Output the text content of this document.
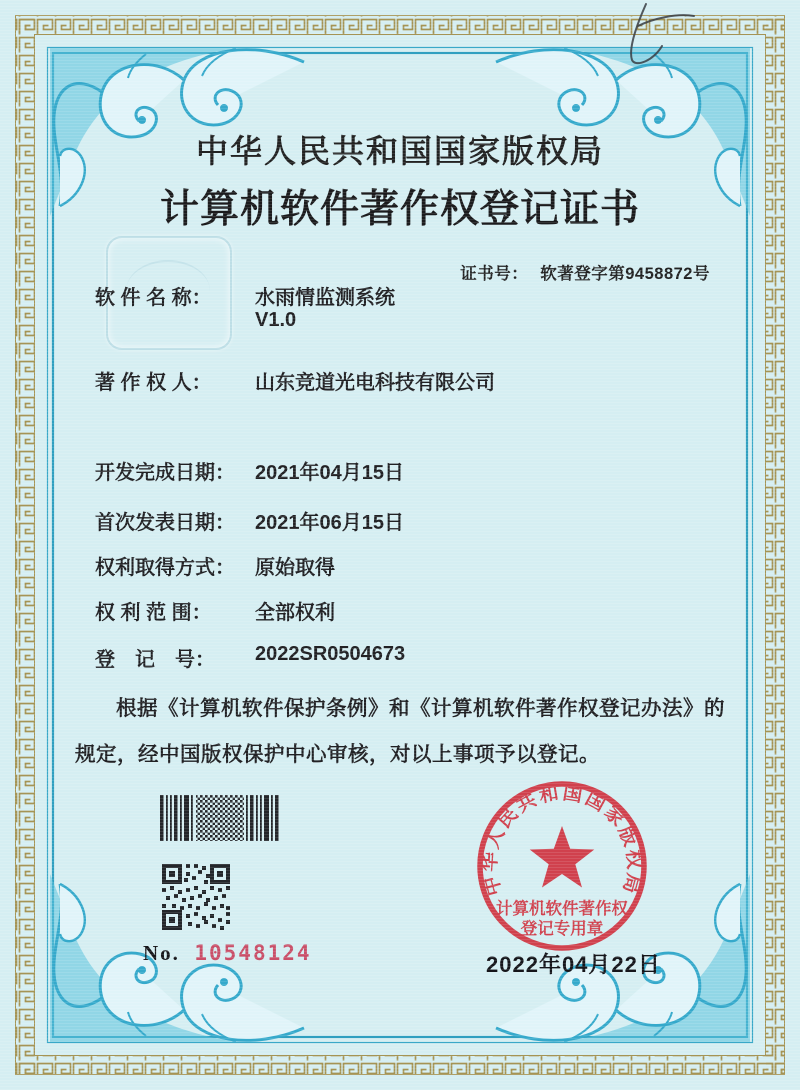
中华人民共和国国家版权局
计算机软件著作权登记证书

证书号： 软著登字第9458872号

软 件 名 称： 水雨情监测系统
V1.0
著 作 权 人： 山东竞道光电科技有限公司
开发完成日期： 2021年04月15日
首次发表日期： 2021年06月15日
权利取得方式： 原始取得
权 利 范 围： 全部权利
登　记　号： 2022SR0504673
根据《计算机软件保护条例》和《计算机软件著作权登记办法》的规定，经中国版权保护中心审核，对以上事项予以登记。
No. 10548124
中华人民共和国国家版权局
计算机软件著作权
登记专用章
2022年04月22日
